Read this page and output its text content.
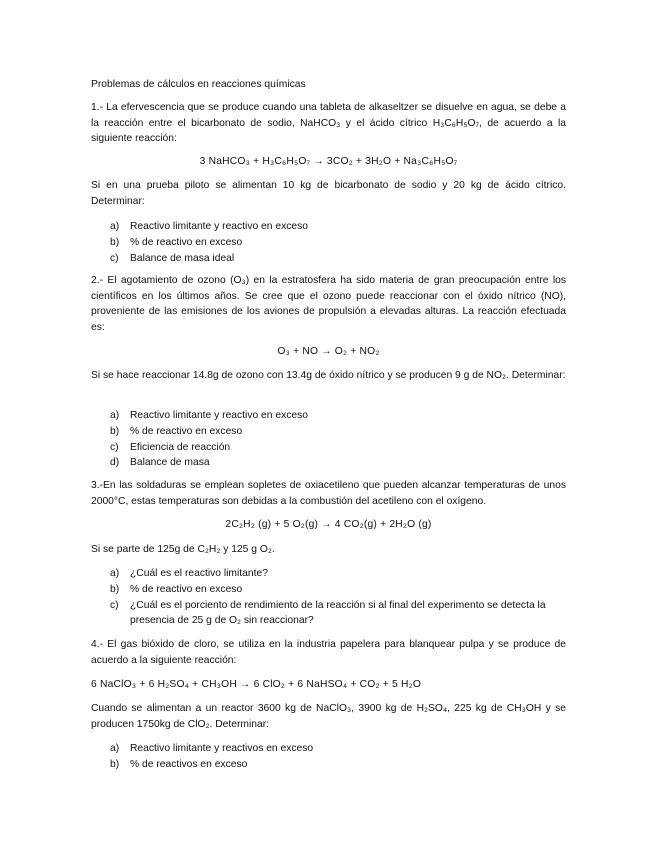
Problemas de cálculos en reacciones químicas
1.- La efervescencia que se produce cuando una tableta de alkaseltzer se disuelve en agua, se debe a la reacción entre el bicarbonato de sodio, NaHCO₃ y el ácido cítrico H₃C₆H₅O₇, de acuerdo a la siguiente reacción:
3 NaHCO₃ + H₃C₆H₅O₇ → 3CO₂ + 3H₂O + Na₃C₆H₅O₇
Si en una prueba piloto se alimentan 10 kg de bicarbonato de sodio y 20 kg de ácido cítrico. Determinar:
a)	Reactivo limitante y reactivo en exceso
b)	% de reactivo en exceso
c)	Balance de masa ideal
2.- El agotamiento de ozono (O₃) en la estratosfera ha sido materia de gran preocupación entre los científicos en los últimos años. Se cree que el ozono puede reaccionar con el óxido nítrico (NO), proveniente de las emisiones de los aviones de propulsión a elevadas alturas. La reacción efectuada es:
O₃ + NO → O₂ + NO₂
Si se hace reaccionar 14.8g de ozono con 13.4g de óxido nítrico y se producen 9 g de NO₂. Determinar:
a)	Reactivo limitante y reactivo en exceso
b)	% de reactivo en exceso
c)	Eficiencia de reacción
d)	Balance de masa
3.-En las soldaduras se emplean sopletes de oxiacetileno que pueden alcanzar temperaturas de unos 2000°C, estas temperaturas son debidas a la combustión del acetileno con el oxígeno.
2C₂H₂ (g) + 5 O₂(g) → 4 CO₂(g) + 2H₂O (g)
Si se parte de 125g de C₂H₂ y 125 g O₂.
a)	¿Cuál es el reactivo limitante?
b)	% de reactivo en exceso
c)	¿Cuál es el porciento de rendimiento de la reacción si al final del experimento se detecta la presencia de 25 g de O₂ sin reaccionar?
4.- El gas bióxido de cloro, se utiliza en la industria papelera para blanquear pulpa y se produce de acuerdo a la siguiente reacción:
6 NaClO₃ + 6 H₂SO₄ + CH₃OH → 6 ClO₂ + 6 NaHSO₄ + CO₂ + 5 H₂O
Cuando se alimentan a un reactor 3600 kg de NaClO₃, 3900 kg de H₂SO₄, 225 kg de CH₃OH y se producen 1750kg de ClO₂. Determinar:
a)	Reactivo limitante y reactivos en exceso
b)	% de reactivos en exceso
